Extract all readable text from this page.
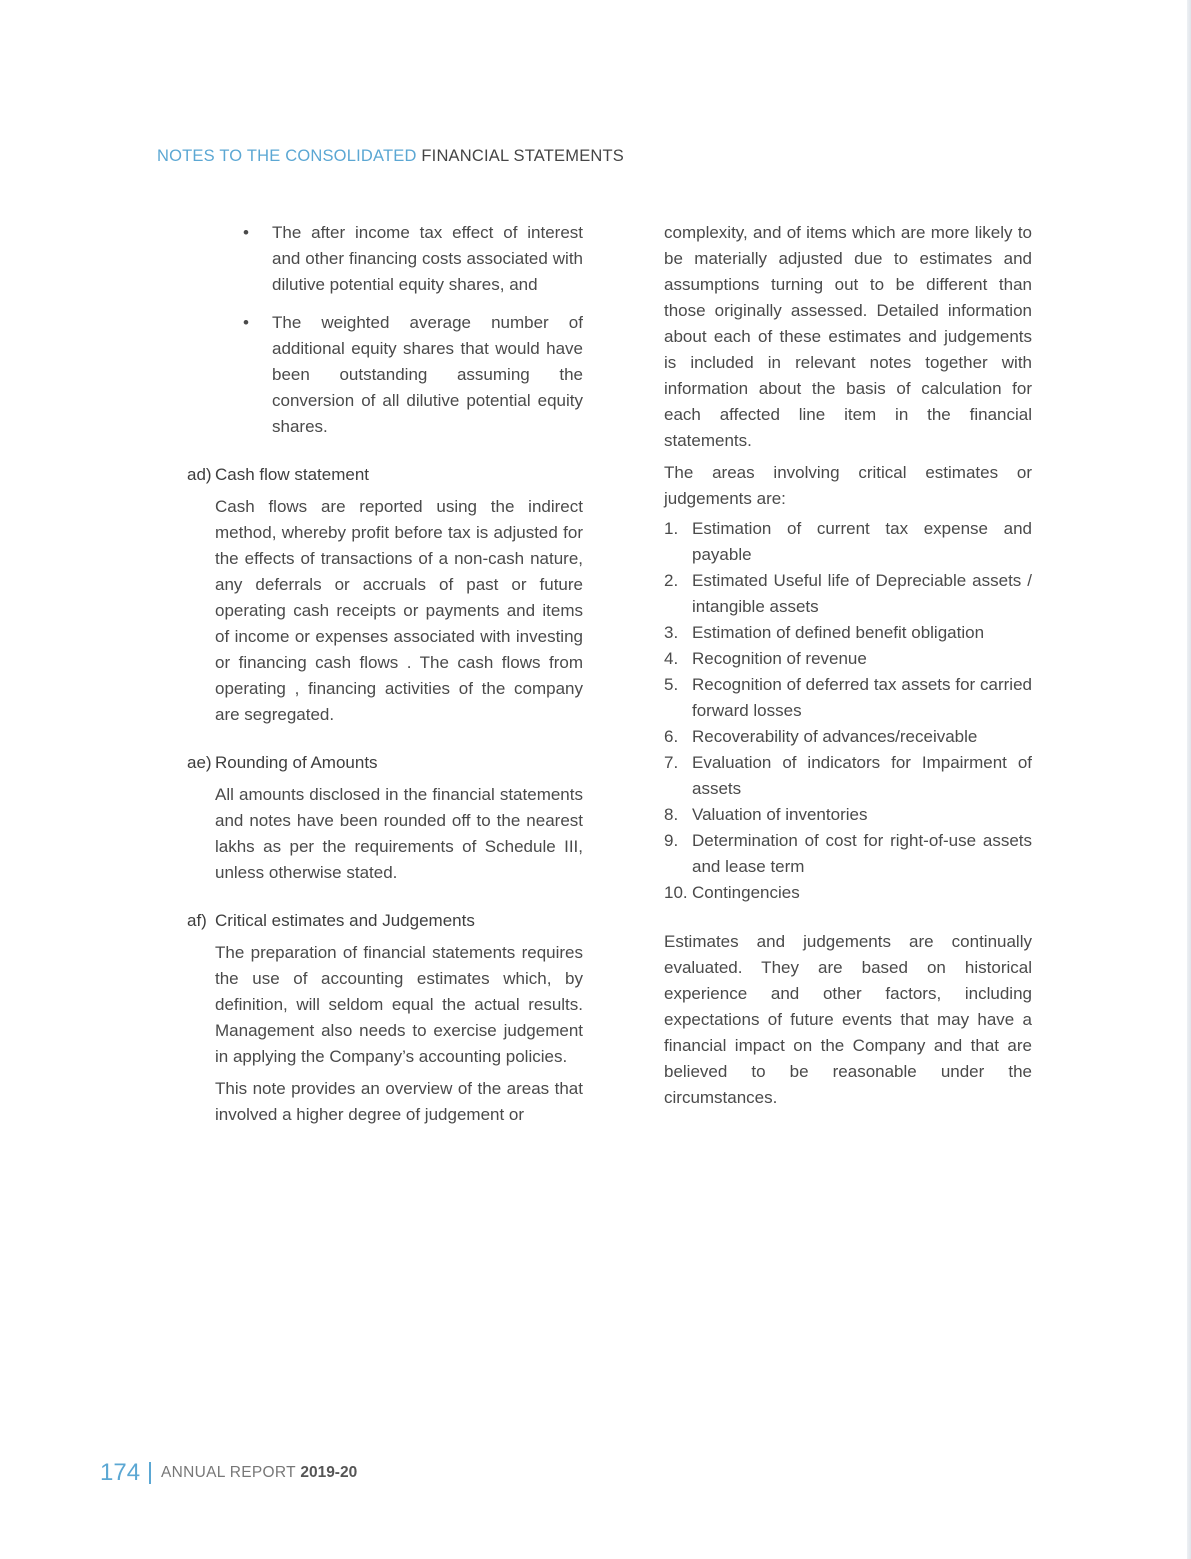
NOTES TO THE CONSOLIDATED FINANCIAL STATEMENTS
• The after income tax effect of interest and other financing costs associated with dilutive potential equity shares, and
• The weighted average number of additional equity shares that would have been outstanding assuming the conversion of all dilutive potential equity shares.
ad) Cash flow statement

Cash flows are reported using the indirect method, whereby profit before tax is adjusted for the effects of transactions of a non-cash nature, any deferrals or accruals of past or future operating cash receipts or payments and items of income or expenses associated with investing or financing cash flows . The cash flows from operating , financing activities of the company are segregated.

ae) Rounding of Amounts

All amounts disclosed in the financial statements and notes have been rounded off to the nearest lakhs as per the requirements of Schedule III, unless otherwise stated.

af) Critical estimates and Judgements

The preparation of financial statements requires the use of accounting estimates which, by definition, will seldom equal the actual results. Management also needs to exercise judgement in applying the Company’s accounting policies.

This note provides an overview of the areas that involved a higher degree of judgement or

complexity, and of items which are more likely to be materially adjusted due to estimates and assumptions turning out to be different than those originally assessed. Detailed information about each of these estimates and judgements is included in relevant notes together with information about the basis of calculation for each affected line item in the financial statements.

The areas involving critical estimates or judgements are:

1. Estimation of current tax expense and payable
2. Estimated Useful life of Depreciable assets / intangible assets
3. Estimation of defined benefit obligation
4. Recognition of revenue
5. Recognition of deferred tax assets for carried forward losses
6. Recoverability of advances/receivable
7. Evaluation of indicators for Impairment of assets
8. Valuation of inventories
9. Determination of cost for right-of-use assets and lease term
10. Contingencies

Estimates and judgements are continually evaluated. They are based on historical experience and other factors, including expectations of future events that may have a financial impact on the Company and that are believed to be reasonable under the circumstances.

174 ANNUAL REPORT 2019-20
